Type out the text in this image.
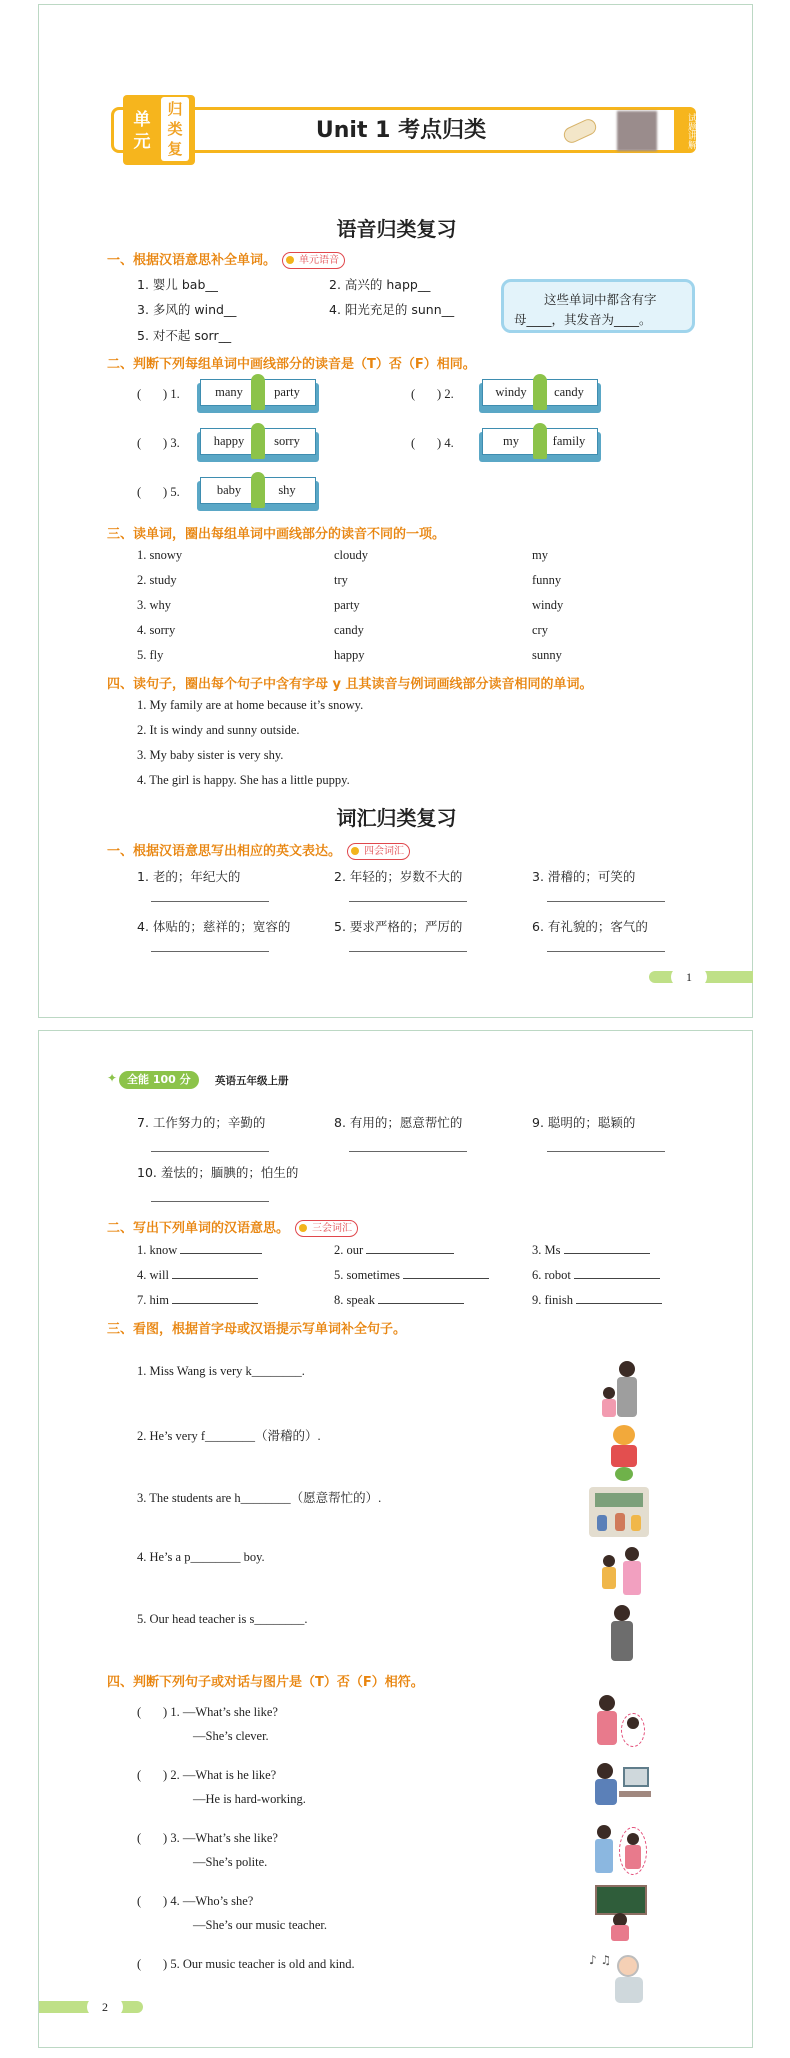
单
元
归
类
复
Unit 1 考点归类	试题讲解
语音归类复习
一、根据汉语意思补全单词。 单元语音
1. 婴儿 bab__	2. 高兴的 happ__
3. 多风的 wind__	4. 阳光充足的 sunn__
5. 对不起 sorr__
这些单词中都含有字
母____，其发音为____。
二、判断下列每组单词中画线部分的读音是（T）否（F）相同。
(       ) 1.	many	party	(       ) 2.	windy	candy
(       ) 3.	happy	sorry	(       ) 4.	my	family
(       ) 5.	baby	shy
三、读单词，圈出每组单词中画线部分的读音不同的一项。
1. snowy	cloudy	my
2. study	try	funny
3. why	party	windy
4. sorry	candy	cry
5. fly	happy	sunny
四、读句子，圈出每个句子中含有字母 y 且其读音与例词画线部分读音相同的单词。
1. My family are at home because it’s snowy.
2. It is windy and sunny outside.
3. My baby sister is very shy.
4. The girl is happy. She has a little puppy.
词汇归类复习
一、根据汉语意思写出相应的英文表达。 四会词汇
1. 老的；年纪大的	2. 年轻的；岁数不大的	3. 滑稽的；可笑的
4. 体贴的；慈祥的；宽容的	5. 要求严格的；严厉的	6. 有礼貌的；客气的
1
✦ 全能 100 分	英语五年级上册
7. 工作努力的；辛勤的	8. 有用的；愿意帮忙的	9. 聪明的；聪颖的
10. 羞怯的；腼腆的；怕生的
二、写出下列单词的汉语意思。 三会词汇
1. know	2. our	3. Ms
4. will	5. sometimes	6. robot
7. him	8. speak	9. finish
三、看图，根据首字母或汉语提示写单词补全句子。
1. Miss Wang is very k________.
2. He’s very f________（滑稽的）.
3. The students are h________（愿意帮忙的）.
4. He’s a p________ boy.
5. Our head teacher is s________.
四、判断下列句子或对话与图片是（T）否（F）相符。
(       ) 1. —What’s she like?
—She’s clever.
(       ) 2. —What is he like?
—He is hard-working.
(       ) 3. —What’s she like?
—She’s polite.
(       ) 4. —Who’s she?
—She’s our music teacher.
(       ) 5. Our music teacher is old and kind.	♪ ♫
2
